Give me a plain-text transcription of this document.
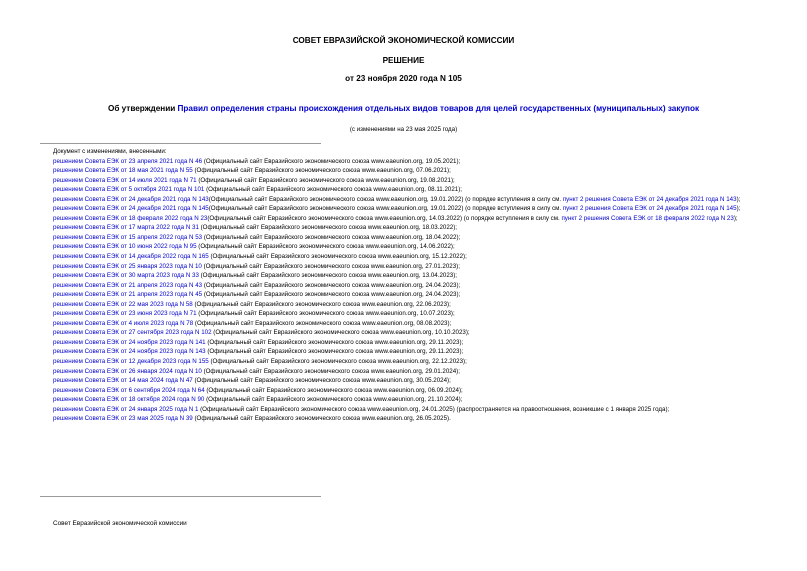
СОВЕТ ЕВРАЗИЙСКОЙ ЭКОНОМИЧЕСКОЙ КОМИССИИ
РЕШЕНИЕ
от 23 ноября 2020 года N 105
Об утверждении Правил определения страны происхождения отдельных видов товаров для целей государственных (муниципальных) закупок
(с изменениями на 23 мая 2025 года)
Документ с изменениями, внесенными:
решением Совета ЕЭК от 23 апреля 2021 года N 46 (Официальный сайт Евразийского экономического союза www.eaeunion.org, 19.05.2021);
решением Совета ЕЭК от 18 мая 2021 года N 55 (Официальный сайт Евразийского экономического союза www.eaeunion.org, 07.06.2021);
решением Совета ЕЭК от 14 июля 2021 года N 71 (Официальный сайт Евразийского экономического союза www.eaeunion.org, 19.08.2021);
решением Совета ЕЭК от 5 октября 2021 года N 101 (Официальный сайт Евразийского экономического союза www.eaeunion.org, 08.11.2021);
решением Совета ЕЭК от 24 декабря 2021 года N 143(Официальный сайт Евразийского экономического союза www.eaeunion.org, 19.01.2022) (о порядке вступления в силу см. пункт 2 решения Совета ЕЭК от 24 декабря 2021 года N 143);
решением Совета ЕЭК от 24 декабря 2021 года N 145(Официальный сайт Евразийского экономического союза www.eaeunion.org, 19.01.2022) (о порядке вступления в силу см. пункт 2 решения Совета ЕЭК от 24 декабря 2021 года N 145);
решением Совета ЕЭК от 18 февраля 2022 года N 23(Официальный сайт Евразийского экономического союза www.eaeunion.org, 14.03.2022) (о порядке вступления в силу см. пункт 2 решения Совета ЕЭК от 18 февраля 2022 года N 23);
решением Совета ЕЭК от 17 марта 2022 года N 31 (Официальный сайт Евразийского экономического союза www.eaeunion.org, 18.03.2022);
решением Совета ЕЭК от 15 апреля 2022 года N 53 (Официальный сайт Евразийского экономического союза www.eaeunion.org, 18.04.2022);
решением Совета ЕЭК от 10 июня 2022 года N 95 (Официальный сайт Евразийского экономического союза www.eaeunion.org, 14.06.2022);
решением Совета ЕЭК от 14 декабря 2022 года N 165 (Официальный сайт Евразийского экономического союза www.eaeunion.org, 15.12.2022);
решением Совета ЕЭК от 25 января 2023 года N 10 (Официальный сайт Евразийского экономического союза www.eaeunion.org, 27.01.2023);
решением Совета ЕЭК от 30 марта 2023 года N 33 (Официальный сайт Евразийского экономического союза www.eaeunion.org, 13.04.2023);
решением Совета ЕЭК от 21 апреля 2023 года N 43 (Официальный сайт Евразийского экономического союза www.eaeunion.org, 24.04.2023);
решением Совета ЕЭК от 21 апреля 2023 года N 45 (Официальный сайт Евразийского экономического союза www.eaeunion.org, 24.04.2023);
решением Совета ЕЭК от 22 мая 2023 года N 58 (Официальный сайт Евразийского экономического союза www.eaeunion.org, 22.06.2023);
решением Совета ЕЭК от 23 июня 2023 года N 71 (Официальный сайт Евразийского экономического союза www.eaeunion.org, 10.07.2023);
решением Совета ЕЭК от 4 июля 2023 года N 78 (Официальный сайт Евразийского экономического союза www.eaeunion.org, 08.08.2023);
решением Совета ЕЭК от 27 сентября 2023 года N 102 (Официальный сайт Евразийского экономического союза www.eaeunion.org, 10.10.2023);
решением Совета ЕЭК от 24 ноября 2023 года N 141 (Официальный сайт Евразийского экономического союза www.eaeunion.org, 29.11.2023);
решением Совета ЕЭК от 24 ноября 2023 года N 143 (Официальный сайт Евразийского экономического союза www.eaeunion.org, 29.11.2023);
решением Совета ЕЭК от 12 декабря 2023 года N 155 (Официальный сайт Евразийского экономического союза www.eaeunion.org, 22.12.2023);
решением Совета ЕЭК от 26 января 2024 года N 10 (Официальный сайт Евразийского экономического союза www.eaeunion.org, 29.01.2024);
решением Совета ЕЭК от 14 мая 2024 года N 47 (Официальный сайт Евразийского экономического союза www.eaeunion.org, 30.05.2024);
решением Совета ЕЭК от 6 сентября 2024 года N 64 (Официальный сайт Евразийского экономического союза www.eaeunion.org, 06.09.2024);
решением Совета ЕЭК от 18 октября 2024 года N 90 (Официальный сайт Евразийского экономического союза www.eaeunion.org, 21.10.2024);
решением Совета ЕЭК от 24 января 2025 года N 1 (Официальный сайт Евразийского экономического союза www.eaeunion.org, 24.01.2025) (распространяется на правоотношения, возникшие с 1 января 2025 года);
решением Совета ЕЭК от 23 мая 2025 года N 39 (Официальный сайт Евразийского экономического союза www.eaeunion.org, 26.05.2025).
Совет Евразийской экономической комиссии
